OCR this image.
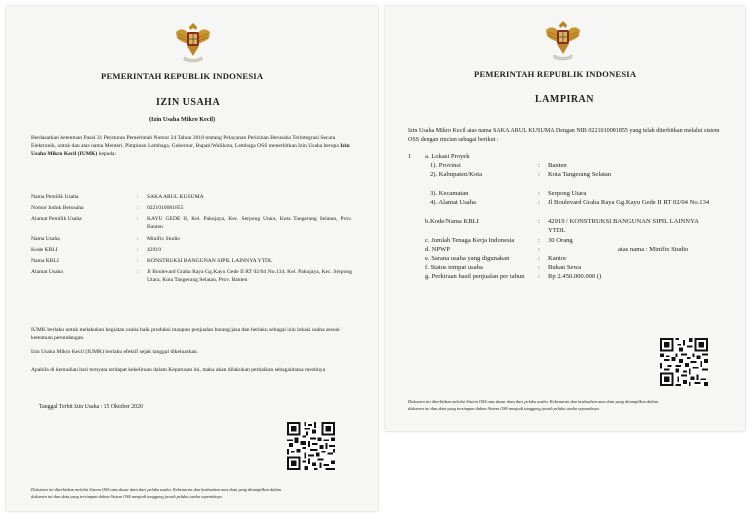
PEMERINTAH REPUBLIK INDONESIA
IZIN USAHA
(Izin Usaha Mikro Kecil)
Berdasarkan ketentuan Pasal 31 Peraturan Pemerintah Nomor 24 Tahun 2018 tentang Pelayanan Perizinan Berusaha Terintegrasi Secara Elektronik, untuk dan atas nama Menteri, Pimpinan Lembaga, Gubernur, Bupati/Walikota, Lembaga OSS menerbitkan Izin Usaha berupa Izin Usaha Mikro Kecil (IUMK) kepada:
Nama Pemilik Usaha	: SAKA ARUL KUSUMA
Nomor Induk Berusaha	: 0221010081855
Alamat Pemilik Usaha	: KAYU GEDE II, Kel. Pakujaya, Kec. Serpong Utara, Kota Tangerang Selatan, Prov. Banten
Nama Usaha	: Minifix Studio
Kode KBLI	: 42919
Nama KBLI	: KONSTRUKSI BANGUNAN SIPIL LAINNYA YTDL
Alamat Usaha	: Jl Boulevard Graha Raya Gg.Kayu Gede II RT 02/04 No.134, Kel. Pakujaya, Kec. Serpong Utara, Kota Tangerang Selatan, Prov. Banten
IUMK berlaku untuk melakukan kegiatan usaha baik produksi maupun penjualan barang/jasa dan berlaku sebagai izin lokasi usaha sesuai ketentuan perundangan.
Izin Usaha Mikro Kecil (IUMK) berlaku efektif sejak tanggal dikeluarkan.
Apabila di kemudian hari ternyata terdapat kekeliruan dalam Keputusan ini, maka akan dilakukan perbaikan sebagaimana mestinya
Tanggal Terbit Izin Usaha : 15 Oktober 2020
Dokumen ini diterbitkan melalui Sistem OSS atas dasar data dari pelaku usaha. Kebenaran dan keabsahan atas data yang ditampilkan dalam
dokumen ini dan data yang tersimpan dalam Sistem OSS menjadi tanggung jawab pelaku usaha sepenuhnya.
PEMERINTAH REPUBLIK INDONESIA
LAMPIRAN
Izin Usaha Mikro Kecil atas nama SAKA ARUL KUSUMA Dengan NIB 0221010081855 yang telah diterbitkan melalui sistem OSS dengan rincian sebagai berikut :
1 a. Lokasi Proyek
1). Provinsi	: Banten
2). Kabupaten/Kota	: Kota Tangerang Selatan
3). Kecamatan	: Serpong Utara
4). Alamat Usaha	: Jl Boulevard Graha Raya Gg.Kayu Gede II RT 02/04 No.134
b.Kode/Nama KBLI	: 42919 / KONSTRUKSI BANGUNAN SIPIL LAINNYA YTDL
c. Jumlah Tenaga Kerja Indonesia	: 30 Orang
d. NPWP	:	atas nama : Minifix Studio
e. Sarana usaha yang digunakan	: Kantor
f. Status tempat usaha	: Bukan Sewa
g. Perkiraan hasil penjualan per tahun : Rp 2.450.000.000 ()
Dokumen ini diterbitkan melalui Sistem OSS atas dasar data dari pelaku usaha. Kebenaran dan keabsahan atas data yang ditampilkan dalam
dokumen ini dan data yang tersimpan dalam Sistem OSS menjadi tanggung jawab pelaku usaha sepenuhnya.
